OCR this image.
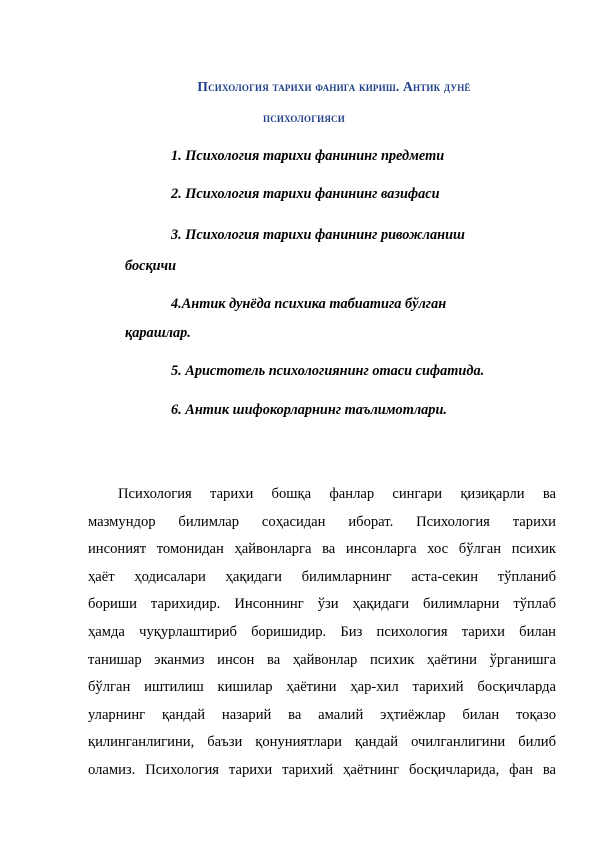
Психология тарихи фанига кириш. Антик дунё
психологияси
1. Психология тарихи фанининг предмети
2. Психология тарихи фанининг вазифаси
3. Психология тарихи фанининг ривожланиш
босқичи
4.Антик дунёда психика табиатига бўлган
қарашлар.
5. Аристотель психологиянинг отаси сифатида.
6. Антик шифокорларнинг таълимотлари.
Психология тарихи бошқа фанлар сингари қизиқарли ва
мазмундор билимлар соҳасидан иборат. Психология тарихи
инсоният томонидан ҳайвонларга ва инсонларга хос бўлган психик
ҳаёт ҳодисалари ҳақидаги билимларнинг аста-секин тўпланиб
бориши тарихидир. Инсоннинг ўзи ҳақидаги билимларни тўплаб
ҳамда чуқурлаштириб боришидир. Биз психология тарихи билан
танишар эканмиз инсон ва ҳайвонлар психик ҳаётини ўрганишга
бўлган иштилиш кишилар ҳаётини ҳар-хил тарихий босқичларда
уларнинг қандай назарий ва амалий эҳтиёжлар билан тоқазо
қилинганлигини, баъзи қонуниятлари қандай очилганлигини билиб
оламиз. Психология тарихи тарихий ҳаётнинг босқичларида, фан ва
